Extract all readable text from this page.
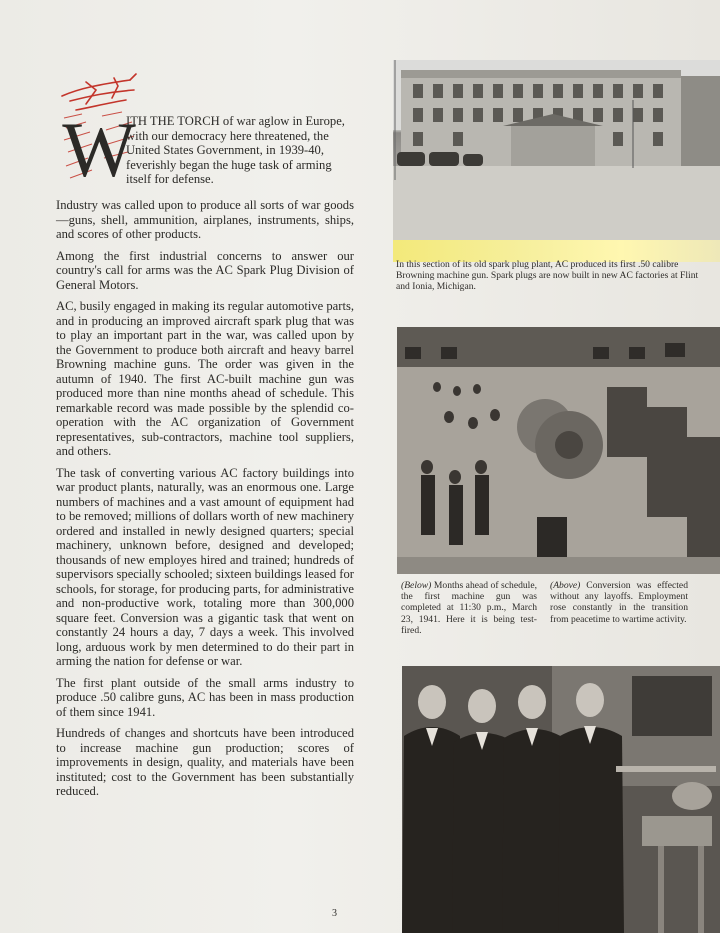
W
ITH THE TORCH of war aglow in Europe, with our democracy here threatened, the United States Government, in 1939-40, feverishly began the huge task of arming itself for defense.

Industry was called upon to produce all sorts of war goods—guns, shell, ammunition, airplanes, instruments, ships, and scores of other products.

Among the first industrial concerns to answer our country's call for arms was the AC Spark Plug Division of General Motors.

AC, busily engaged in making its regular automotive parts, and in producing an improved aircraft spark plug that was to play an important part in the war, was called upon by the Government to produce both aircraft and heavy barrel Browning machine guns. The order was given in the autumn of 1940. The first AC-built machine gun was produced more than nine months ahead of schedule. This remarkable record was made possible by the splendid co-operation with the AC organization of Government representatives, sub-contractors, machine tool suppliers, and others.

The task of converting various AC factory buildings into war product plants, naturally, was an enormous one. Large numbers of machines and a vast amount of equipment had to be removed; millions of dollars worth of new machinery ordered and installed in newly designed quarters; special machinery, unknown before, designed and developed; thousands of new employes hired and trained; hundreds of supervisors specially schooled; sixteen buildings leased for schools, for storage, for producing parts, for administrative and non-productive work, totaling more than 300,000 square feet. Conversion was a gigantic task that went on constantly 24 hours a day, 7 days a week. This involved long, arduous work by men determined to do their part in arming the nation for defense or war.

The first plant outside of the small arms industry to produce .50 calibre guns, AC has been in mass production of them since 1941.

Hundreds of changes and shortcuts have been introduced to increase machine gun production; scores of improvements in design, quality, and materials have been instituted; cost to the Government has been substantially reduced.

3
In this section of its old spark plug plant, AC produced its first .50 calibre Browning machine gun. Spark plugs are now built in new AC factories at Flint and Ionia, Michigan.
(Below) Months ahead of schedule, the first machine gun was completed at 11:30 p.m., March 23, 1941. Here it is being test-fired.
(Above) Conversion was effected without any layoffs. Employment rose constantly in the transition from peacetime to wartime activity.
